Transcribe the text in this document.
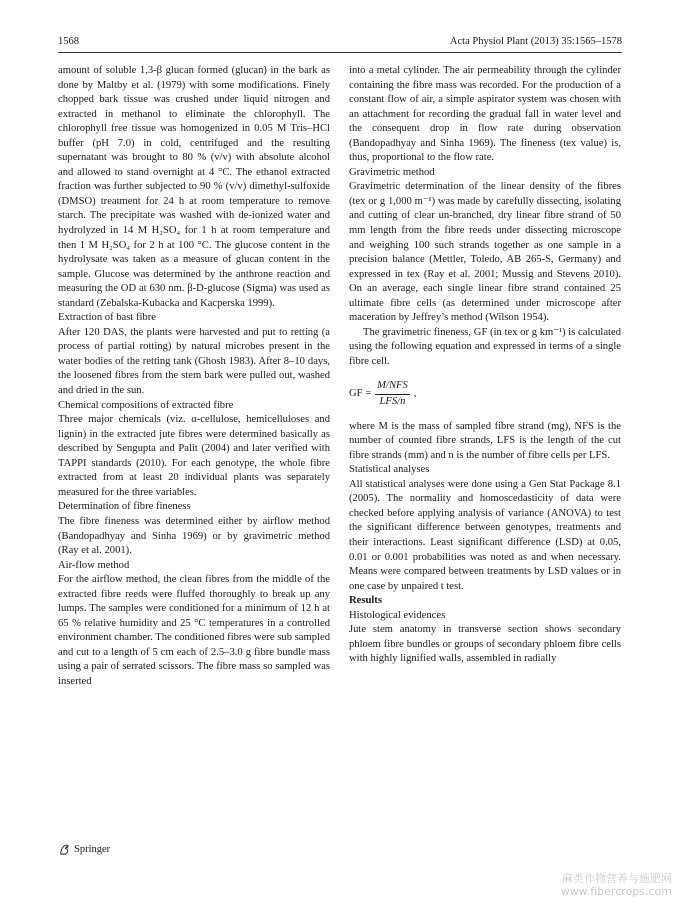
1568	Acta Physiol Plant (2013) 35:1565–1578

amount of soluble 1,3-β glucan formed (glucan) in the bark as done by Maltby et al. (1979) with some modifications. Finely chopped bark tissue was crushed under liquid nitrogen and extracted in methanol to eliminate the chlorophyll. The chlorophyll free tissue was homogenized in 0.05 M Tris–HCl buffer (pH 7.0) in cold, centrifuged and the resulting supernatant was brought to 80 % (v/v) with absolute alcohol and allowed to stand overnight at 4 °C. The ethanol extracted fraction was further subjected to 90 % (v/v) dimethyl-sulfoxide (DMSO) treatment for 24 h at room temperature to remove starch. The precipitate was washed with de-ionized water and hydrolyzed in 14 M H₂SO₄ for 1 h at room temperature and then 1 M H₂SO₄ for 2 h at 100 °C. The glucose content in the hydrolysate was taken as a measure of glucan content in the sample. Glucose was determined by the anthrone reaction and measuring the OD at 630 nm. β-D-glucose (Sigma) was used as standard (Zebalska-Kubacka and Kacperska 1999).

Extraction of bast fibre

After 120 DAS, the plants were harvested and put to retting (a process of partial rotting) by natural microbes present in the water bodies of the retting tank (Ghosh 1983). After 8–10 days, the loosened fibres from the stem bark were pulled out, washed and dried in the sun.

Chemical compositions of extracted fibre

Three major chemicals (viz. α-cellulose, hemicelluloses and lignin) in the extracted jute fibres were determined basically as described by Sengupta and Palit (2004) and later verified with TAPPI standards (2010). For each genotype, the whole fibre extracted from at least 20 individual plants was separately measured for the three variables.

Determination of fibre fineness

The fibre fineness was determined either by airflow method (Bandopadhyay and Sinha 1969) or by gravimetric method (Ray et al. 2001).

Air-flow method

For the airflow method, the clean fibres from the middle of the extracted fibre reeds were fluffed thoroughly to break up any lumps. The samples were conditioned for a minimum of 12 h at 65 % relative humidity and 25 °C temperatures in a controlled environment chamber. The conditioned fibres were sub sampled and cut to a length of 5 cm each of 2.5–3.0 g fibre bundle mass using a pair of serrated scissors. The fibre mass so sampled was inserted

into a metal cylinder. The air permeability through the cylinder containing the fibre mass was recorded. For the production of a constant flow of air, a simple aspirator system was chosen with an attachment for recording the gradual fall in water level and the consequent drop in flow rate during observation (Bandopadhyay and Sinha 1969). The fineness (tex value) is, thus, proportional to the flow rate.

Gravimetric method

Gravimetric determination of the linear density of the fibres (tex or g 1,000 m⁻¹) was made by carefully dissecting, isolating and cutting of clear un-branched, dry linear fibre strand of 50 mm length from the fibre reeds under dissecting microscope and weighing 100 such strands together as one sample in a precision balance (Mettler, Toledo, AB 265-S, Germany) and expressed in tex (Ray et al. 2001; Mussig and Stevens 2010). On an average, each single linear fibre strand contained 25 ultimate fibre cells (as determined under microscope after maceration by Jeffrey’s method (Wilson 1954).

The gravimetric fineness, GF (in tex or g km⁻¹) is calculated using the following equation and expressed in terms of a single fibre cell.

GF = $\frac{\text{M/NFS}}{\text{LFS/n}}$ ,

where M is the mass of sampled fibre strand (mg), NFS is the number of counted fibre strands, LFS is the length of the cut fibre strands (mm) and n is the number of fibre cells per LFS.

Statistical analyses

All statistical analyses were done using a Gen Stat Package 8.1 (2005). The normality and homoscedasticity of data were checked before applying analysis of variance (ANOVA) to test the significant difference between genotypes, treatments and their interactions. Least significant difference (LSD) at 0.05, 0.01 or 0.001 probabilities was noted as and when necessary. Means were compared between treatments by LSD values or in one case by unpaired t test.

Results

Histological evidences

Jute stem anatomy in transverse section shows secondary phloem fibre bundles or groups of secondary phloem fibre cells with highly lignified walls, assembled in radially

Springer
麻类作物营养与施肥网
www.fibercrops.com
